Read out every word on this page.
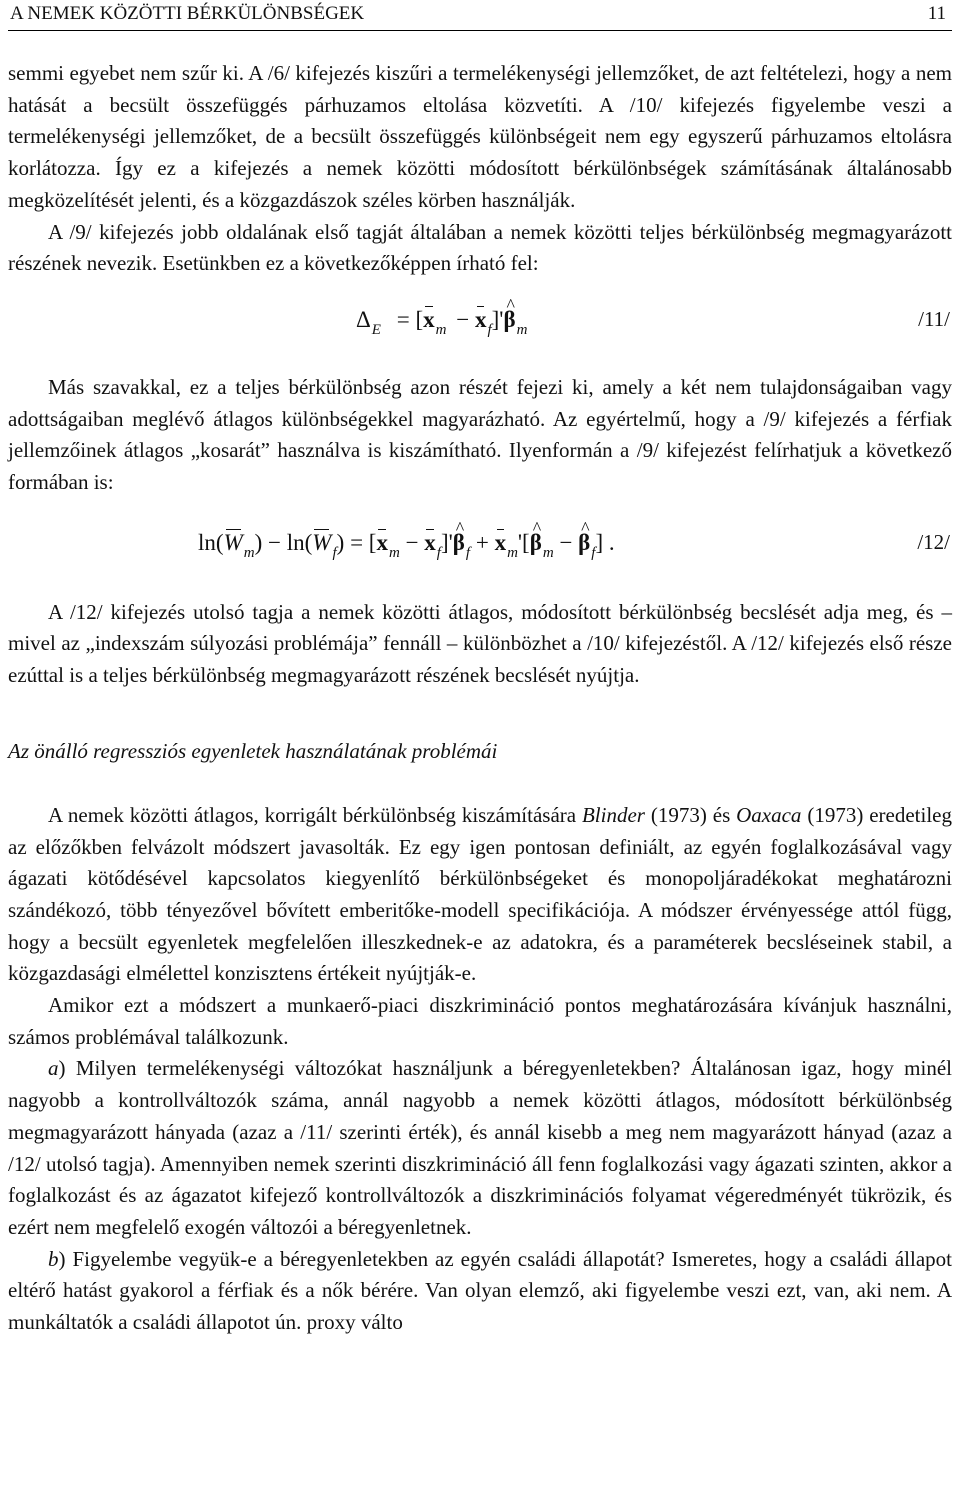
A NEMEK KÖZÖTTI BÉRKÜLÖNBSÉGEK	11

semmi egyebet nem szűr ki. A /6/ kifejezés kiszűri a termelékenységi jellemzőket, de azt feltételezi, hogy a nem hatását a becsült összefüggés párhuzamos eltolása közvetíti. A /10/ kifejezés figyelembe veszi a termelékenységi jellemzőket, de a becsült összefüggés különbségeit nem egy egyszerű párhuzamos eltolásra korlátozza. Így ez a kifejezés a nemek közötti módosított bérkülönbségek számításának általánosabb megközelítését jelenti, és a közgazdászok széles körben használják.

A /9/ kifejezés jobb oldalának első tagját általában a nemek közötti teljes bérkülönbség megmagyarázott részének nevezik. Esetünkben ez a következőképpen írható fel:

$\Delta_E = [x_m$ − $x_f]'\^{}$ $\beta_m$	/11/

Más szavakkal, ez a teljes bérkülönbség azon részét fejezi ki, amely a két nem tulajdonságaiban vagy adottságaiban meglévő átlagos különbségekkel magyarázható. Az egyértelmű, hogy a /9/ kifejezés a férfiak jellemzőinek átlagos „kosarát” használva is kiszámítható. Ilyenformán a /9/ kifejezést felírhatjuk a következő formában is:

$\ln(W_m) - \ln(W_f) = [x_m$ − $x_f]'\^{}$ $\beta_f$ + $x_m'[\^{}$ $\beta_m$ − ^ $\beta_f$] .	/12/

A /12/ kifejezés utolsó tagja a nemek közötti átlagos, módosított bérkülönbség becslését adja meg, és – mivel az „indexszám súlyozási problémája” fennáll – különbözhet a /10/ kifejezéstől. A /12/ kifejezés első része ezúttal is a teljes bérkülönbség megmagyarázott részének becslését nyújtja.

Az önálló regressziós egyenletek használatának problémái

A nemek közötti átlagos, korrigált bérkülönbség kiszámítására Blinder (1973) és Oaxaca (1973) eredetileg az előzőkben felvázolt módszert javasolták. Ez egy igen pontosan definiált, az egyén foglalkozásával vagy ágazati kötődésével kapcsolatos kiegyenlítő bérkülönbségeket és monopoljáradékokat meghatározni szándékozó, több tényezővel bővített emberitőke-modell specifikációja. A módszer érvényessége attól függ, hogy a becsült egyenletek megfelelően illeszkednek-e az adatokra, és a paraméterek becsléseinek stabil, a közgazdasági elmélettel konzisztens értékeit nyújtják-e.

Amikor ezt a módszert a munkaerő-piaci diszkrimináció pontos meghatározására kívánjuk használni, számos problémával találkozunk.

a) Milyen termelékenységi változókat használjunk a béregyenletekben? Általánosan igaz, hogy minél nagyobb a kontrollváltozók száma, annál nagyobb a nemek közötti átlagos, módosított bérkülönbség megmagyarázott hányada (azaz a /11/ szerinti érték), és annál kisebb a meg nem magyarázott hányad (azaz a /12/ utolsó tagja). Amennyiben nemek szerinti diszkrimináció áll fenn foglalkozási vagy ágazati szinten, akkor a foglalkozást és az ágazatot kifejező kontrollváltozók a diszkriminációs folyamat végeredményét tükrözik, és ezért nem megfelelő exogén változói a béregyenletnek.

b) Figyelembe vegyük-e a béregyenletekben az egyén családi állapotát? Ismeretes, hogy a családi állapot eltérő hatást gyakorol a férfiak és a nők bérére. Van olyan elemző, aki figyelembe veszi ezt, van, aki nem. A munkáltatók a családi állapotot ún. proxy válto
